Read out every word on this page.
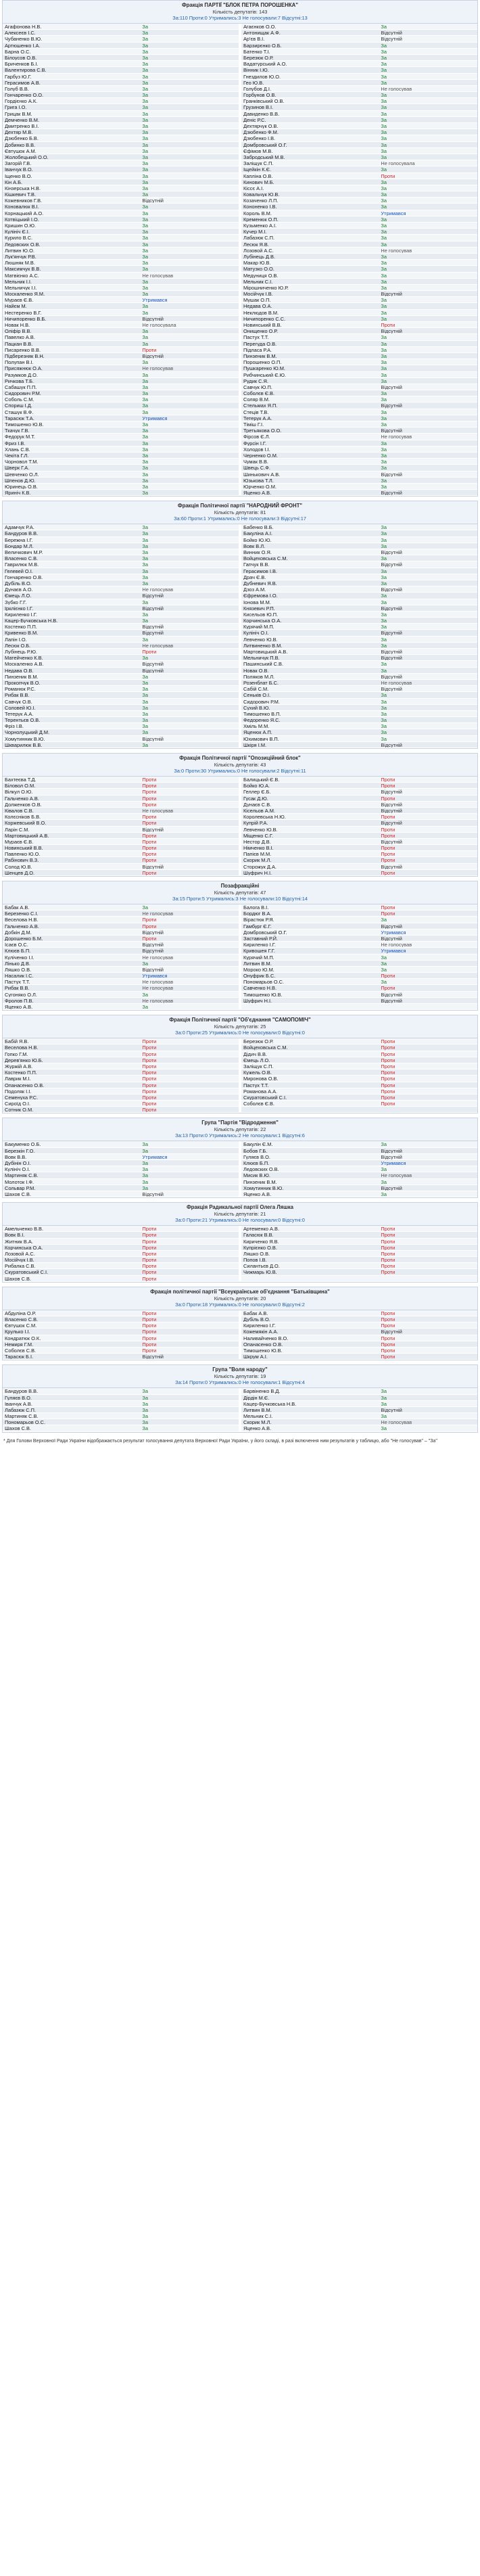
Фракція ПАРТІЇ "БЛОК ПЕТРА ПОРОШЕНКА"
Кількість депутатів: 143
За:110 Проти:0 Утримались:3 Не голосували:7 Відсутні:13
Агафонова Н.В.	За	Агаєнков О.О.	За
Алексеєв І.С.	За	Антонищак А.Ф.	Відсутній
Чубаненко В.Ю.	За	Ар'єв В.І.	Відсутній
Артюшенко І.А.	За	Барзирєнко О.Б.	За
Барна О.С.	За	Батенко Т.І.	За
Білоусов О.В.	За	Березюк О.Р.	За
Бриченков Б.І.	За	Вадатурський А.О.	За
Валентирова С.В.	За	Вінник І.Ю.	За
Гарбуз Ю.Г.	За	Гнездилов Ю.О.	За
Герасимов А.В.	За	Гео Ю.В.	За
Голуб В.В.	За	Голубов Д.І.	Не голосував
Гончаренко О.О.	За	Горбунов О.В.	За
Гордієнко А.К.	За	Гранківський О.В.	За
Грига І.О.	За	Грузинов В.І.	За
Грицак В.М.	За	Давиденко В.В.	За
Демченко В.М.	За	Деніс Р.С.	За
Дмитренко В.І.	За	Дехтярчук О.В.	За
Дехтяр М.В.	За	Дзюбенко Ф.М.	За
Дзюбенко Б.В.	За	Дзюбенко І.В.	За
Добинко В.В.	За	Домбровський О.Г.	За
Євтушок А.М.	За	Єфімов М.В.	За
Жолобецький О.О.	За	Забродський М.В.	За
Загорій Г.В.	За	Заліщук С.П.	Не голосувала
Іванчук В.О.	За	Іщейкін К.Є.	За
Іщенко В.О.	За	Капліна О.В.	Проти
Кін А.Б.	За	Кинович М.Б.	За
Кінзерська Н.В.	За	Кіссє А.І.	За
Кішкевич Т.В.	За	Ковальчук Ю.В.	За
Кожевников Г.В.	Відсутній	Козаченко Л.П.	За
Коновалюк В.І.	За	Кононенко І.В.	За
Корнацький А.О.	За	Король В.М.	Утримався
Котвіцький І.О.	За	Кременюк О.П.	За
Кришин О.Ю.	За	Кузьменко А.І.	За
Кулініч Є.І.	За	Кучер М.І.	За
Курило В.С.	За	Лабазюк С.П.	За
Ледовских О.В.	За	Лесюк Я.В.	За
Литвин Ю.О.	За	Лозовой А.С.	Не голосував
Лук'янчук Р.В.	За	Лубінець Д.В.	За
Люшняк М.В.	За	Макар Ю.В.	За
Максимчук В.В.	За	Матузко О.О.	За
Матвієнко А.С.	Не голосував	Медуниця О.В.	За
Мельник І.І.	За	Мельник С.І.	За
Мельничук І.І.	За	Мірошниченко Ю.Р.	За
Москаленко Я.М.	За	Мосійчук І.В.	Відсутній
Мураєв Є.В.	Утримався	Мушак О.П.	За
Найєм М.	За	Недава О.А.	За
Нестеренко В.Г.	За	Неклюдов В.М.	За
Ничипоренко В.Б.	Відсутній	Ничипоренко С.С.	За
Новак Н.В.	Не голосувала	Новинський В.В.	Проти
Оліфір В.В.	За	Онищенко О.Р.	Відсутній
Павелко А.В.	За	Пастух Т.Т.	За
Пацкан В.В.	За	Перегуда О.В.	За
Писаренко В.В.	Проти	Підласа Р.А.	За
Підберезняк В.Н.	Відсутній	Пинзеник В.М.	За
Полупан В.І.	За	Порошенко О.П.	За
Присяжнюк О.А.	Не голосував	Пушкаренко Ю.М.	За
Разумков Д.О.	За	Рибчинський Є.Ю.	За
Ричкова Т.Б.	За	Рудик С.Я.	За
Сабашук П.П.	За	Савчук Ю.П.	Відсутній
Сидорович Р.М.	За	Соболєв Є.В.	За
Соболь С.М.	За	Соляр В.М.	За
Спориш І.Д.	За	Стельмах Я.П.	Відсутній
Сташук В.Ф.	За	Стеців Т.В.	За
Тарасюк Т.А.	Утримався	Тетерук А.А.	За
Тимошенко Ю.В.	За	Тіміш Г.І.	За
Ткачук Г.В.	За	Третьякова О.О.	Відсутній
Федорук М.Т.	За	Фірсов Є.Л.	Не голосував
Фриз І.В.	За	Фурсін І.Г.	За
Хлань С.В.	За	Холодов І.І.	За
Чекіта Г.Л.	За	Черненко О.М.	За
Чорновол Т.М.	За	Чумак В.В.	За
Шверк Г.А.	За	Швець С.Ф.	За
Шевченко О.Л.	За	Шинькович А.В.	Відсутній
Шпенов Д.Ю.	За	Юзькова Т.Л.	За
Юринець О.В.	За	Юрченко О.М.	За
Яриніч К.В.	За	Яценко А.В.	Відсутній
Фракція Політичної партії "НАРОДНИЙ ФРОНТ"
Кількість депутатів: 81
За:60 Проти:1 Утримались:0 Не голосували:3 Відсутні:17
Адамчук Р.А.	За	Бабенко В.Б.	За
Бандуров В.В.	За	Бакуліна А.І.	За
Бережна І.Г.	За	Бойко Ю.Ю.	За
Бондар М.Л.	За	Вовк В.Л.	За
Величкович М.Р.	За	Винник О.Я.	Відсутній
Власенко С.В.	За	Войцеховська С.М.	За
Гаврилюк М.В.	За	Гапчук В.В.	Відсутній
Гелевей О.І.	За	Герасимов І.В.	За
Гончаренко О.В.	За	Драч Є.В.	За
Дубіль В.О.	За	Дубневич Я.В.	За
Дунаєв А.О.	Не голосував	Дзоз А.М.	Відсутній
Ємець Л.О.	Відсутній	Єфремова І.О.	За
Зубко Г.Г.	За	Іонова М.М.	За
Ірклієнко І.Г.	Відсутній	Князевич Р.П.	Відсутній
Кириленко І.Г.	За	Кисельов Ю.П.	За
Кацер-Бучковська Н.В.	За	Корчинська О.А.	За
Костенко П.П.	Відсутній	Курячий М.П.	За
Кривенко В.М.	Відсутній	Кулініч О.І.	Відсутній
Лапін І.О.	За	Левченко Ю.В.	За
Лесюк О.Б.	Не голосував	Литвиненко В.М.	За
Лубінець Р.Ю.	Проти	Мартовицький А.В.	Відсутній
Матейченко К.В.	За	Мельничук П.В.	Відсутній
Москаленко А.В.	Відсутній	Пашинський С.В.	За
Недава О.В.	Відсутній	Новак О.В.	За
Пинзеник В.М.	За	Поляков М.Л.	Відсутній
Прокопчук В.О.	За	Розенблат Б.С.	Не голосував
Романюк Р.С.	За	Сабій С.М.	Відсутній
Рибак В.В.	За	Сеньків О.І.	За
Савчук О.В.	За	Сидорович Р.М.	За
Соловей Ю.І.	За	Сухий В.Ю.	За
Тетерук А.А.	За	Тимошенко В.П.	За
Терентьєв О.В.	За	Федоренко Я.С.	За
Фріз І.В.	За	Хміль М.М.	За
Чорнолуцький Д.М.	За	Яценюк А.П.	За
Хомутинник В.Ю.	Відсутній	Юхимович В.П.	За
Шкварилюк В.В.	За	Шкіря І.М.	Відсутній
Фракція Політичної партії "Опозиційний блок"
Кількість депутатів: 43
За:0 Проти:30 Утримались:0 Не голосували:2 Відсутні:11
Бахтеєва Т.Д.	Проти	Балицький Є.В.	Проти
Біловол О.М.	Проти	Бойко Ю.А.	Проти
Вілкул О.Ю.	Проти	Геллер Є.Б.	Відсутній
Гальченко А.В.	Проти	Гусак Д.Ю.	Проти
Долженков О.В.	Проти	Дунаєв С.В.	Відсутній
Ківалов С.В.	Не голосував	Кісельов А.М.	Відсутній
Колєсніков Б.В.	Проти	Королевська Н.Ю.	Проти
Коржевський В.О.	Проти	Купрій Р.А.	Відсутній
Ларін С.М.	Відсутній	Левченко Ю.В.	Проти
Мартовицький А.В.	Проти	Міщенко С.Г.	Проти
Мураєв Є.В.	Проти	Нестор Д.В.	Відсутній
Новинський В.В.	Проти	Німченко В.І.	Проти
Павленко Ю.О.	Проти	Папієв М.М.	Проти
Рабінович В.З.	Проти	Скорик М.Л.	Проти
Солод Ю.В.	Відсутній	Сторожук Д.А.	Відсутній
Шенцев Д.О.	Проти	Шуфрич Н.І.	Проти
Позафракційні
Кількість депутатів: 47
За:15 Проти:5 Утримались:3 Не голосували:10 Відсутні:14
Бабак А.В.	За	Балога В.І.	Проти
Березенко С.І.	Не голосував	Бордюг В.А.	Проти
Веселова Н.В.	Проти	Вірастюк Р.Я.	За
Гальченко А.В.	Проти	Гамбург Є.Г.	Відсутній
Добкін Д.М.	Відсутній	Домбровський О.Г.	Утримався
Дорошенко Б.М.	Проти	Заставний Р.Й.	Відсутній
Ісаєв О.С.	Відсутній	Кириленко І.Г.	Не голосував
Клюєв Б.П.	Відсутній	Кривошея Г.Г.	Утримався
Куліченко І.І.	Не голосував	Курячий М.П.	За
Лінько Д.В.	За	Литвин В.М.	За
Ляшко О.В.	Відсутній	Мороко Ю.М.	За
Насалик І.С.	Утримався	Онуфрик Б.С.	Проти
Пастух Т.Т.	Не голосував	Пономарьов О.С.	За
Рибак В.В.	Не голосував	Савченко Н.В.	Проти
Сугоняко О.Л.	За	Тимошенко Ю.В.	Відсутній
Фролов П.В.	Не голосував	Шуфрич Н.І.	Відсутній
Яценко А.В.	За
Фракція Політичної партії "Об'єднання "САМОПОМІЧ"
Кількість депутатів: 25
За:0 Проти:25 Утримались:0 Не голосували:0 Відсутні:0
Бабій Я.В.	Проти	Березюк О.Р.	Проти
Веселова Н.В.	Проти	Войцеховська С.М.	Проти
Гопко Г.М.	Проти	Дідич В.В.	Проти
Дерев'янко Ю.Б.	Проти	Ємець Л.О.	Проти
Журжій А.В.	Проти	Заліщук С.П.	Проти
Костенко П.П.	Проти	Кужель О.В.	Проти
Лаврик М.І.	Проти	Миронова О.В.	Проти
Опанасенко О.В.	Проти	Пастух Т.Т.	Проти
Подоляк І.І.	Проти	Романова А.А.	Проти
Семенуха Р.С.	Проти	Скуратовський С.І.	Проти
Сироїд О.І.	Проти	Соболєв Є.В.	Проти
Сотник О.М.	Проти
Група "Партія "Відродження"
Кількість депутатів: 22
За:13 Проти:0 Утримались:2 Не голосували:1 Відсутні:6
Бакуменко О.Б.	За	Бакулін Є.М.	За
Березкін Г.О.	За	Бобов Г.Б.	Відсутній
Вовк В.В.	Утримався	Гуляєв В.О.	Відсутній
Дубінін О.І.	За	Клюєв Б.П.	Утримався
Кулініч О.І.	За	Ледовских О.В.	За
Мартиняк С.В.	За	Мисик В.Ю.	Не голосував
Молоток І.Ф.	За	Пинзеник В.М.	За
Сольвар Р.М.	За	Хомутинник В.Ю.	Відсутній
Шахов С.В.	Відсутній	Яценко А.В.	За
Фракція Радикальної партії Олега Ляшка
Кількість депутатів: 21
За:0 Проти:21 Утримались:0 Не голосували:0 Відсутні:0
Амельченко В.В.	Проти	Артеменко А.В.	Проти
Вовк В.І.	Проти	Галасюк В.В.	Проти
Житник В.А.	Проти	Кириченко Я.В.	Проти
Корчинська О.А.	Проти	Купрієнко О.В.	Проти
Лозовой А.С.	Проти	Ляшко О.В.	Проти
Мосійчук І.В.	Проти	Попов І.В.	Проти
Рибалка С.В.	Проти	Силантьєв Д.О.	Проти
Скуратовський С.І.	Проти	Чижмарь Ю.В.	Проти
Шахов С.В.	Проти
Фракція політичної партії "Всеукраїнське об'єднання "Батьківщина"
Кількість депутатів: 20
За:0 Проти:18 Утримались:0 Не голосували:0 Відсутні:2
Абдуліна О.Р.	Проти	Бабак А.В.	Проти
Власенко С.В.	Проти	Дубіль В.О.	Проти
Євтушок С.М.	Проти	Кириленко І.Г.	Проти
Крулько І.І.	Проти	Кожемякін А.А.	Відсутній
Кондратюк О.К.	Проти	Наливайченко В.О.	Проти
Немиря Г.М.	Проти	Опанасенко О.В.	Проти
Соболєв С.В.	Проти	Тимошенко Ю.В.	Проти
Тарасюк Б.І.	Відсутній	Шкрум А.І.	Проти
Група "Воля народу"
Кількість депутатів: 19
За:14 Проти:0 Утримались:0 Не голосували:1 Відсутні:4
Бандуров В.В.	За	Барвіненко В.Д.	За
Гуляєв В.О.	За	Дірдін М.Є.	За
Іванчук А.В.	За	Кацер-Бучковська Н.В.	За
Лабазюк С.П.	За	Литвин В.М.	Відсутній
Мартиняк С.В.	За	Мельник С.І.	За
Пономарьов О.С.	За	Скорик М.Л.	Не голосував
Шахов С.В.	За	Яценко А.В.	За
* Для Голови Верховної Ради України відображається результат голосування депутата Верховної Ради України, у його складі, в разі включення ним результатів у таблицю, або "Не голосував" – "За"
